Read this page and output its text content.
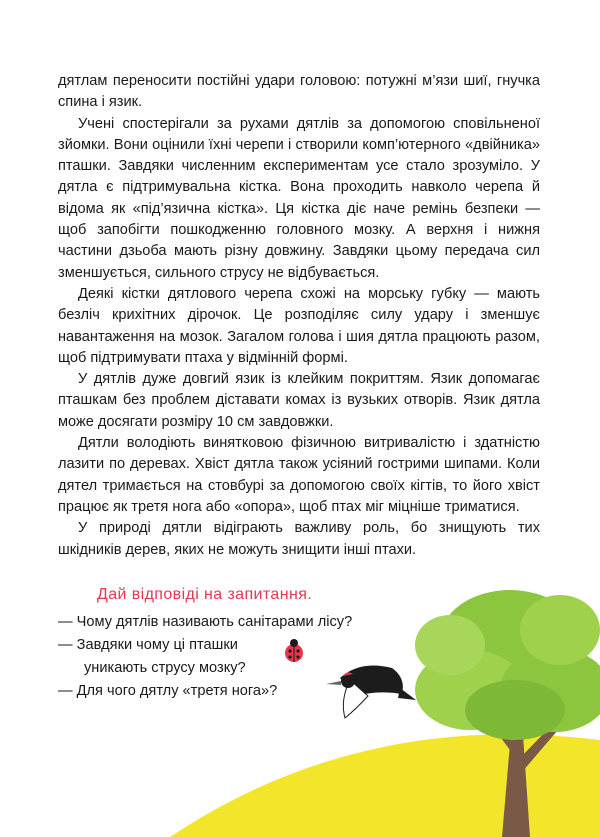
дятлам переносити постійні удари головою: потужні м’язи шиї, гнучка спина і язик.

Учені спостерігали за рухами дятлів за допомогою сповільненої зйомки. Вони оцінили їхні черепи і створили комп’ютерного «двійника» пташки. Завдяки численним експериментам усе стало зрозуміло. У дятла є підтримувальна кістка. Вона проходить навколо черепа й відома як «під’язична кістка». Ця кістка діє наче ремінь безпеки — щоб запобігти пошкодженню головного мозку. А верхня і нижня частини дзьоба мають різну довжину. Завдяки цьому передача сил зменшується, сильного струсу не відбувається.

Деякі кістки дятлового черепа схожі на морську губку — мають безліч крихітних дірочок. Це розподіляє силу удару і зменшує навантаження на мозок. Загалом голова і шия дятла працюють разом, щоб підтримувати птаха у відмінній формі.

У дятлів дуже довгий язик із клейким покриттям. Язик допомагає пташкам без проблем діставати комах із вузьких отворів. Язик дятла може досягати розміру 10 см завдовжки.

Дятли володіють винятковою фізичною витривалістю і здатністю лазити по деревах. Хвіст дятла також усіяний гострими шипами. Коли дятел тримається на стовбурі за допомогою своїх кігтів, то його хвіст працює як третя нога або «опора», щоб птах міг міцніше триматися.

У природі дятли відіграють важливу роль, бо знищують тих шкідників дерев, яких не можуть знищити інші птахи.

Дай відповіді на запитання.
— Чому дятлів називають санітарами лісу?
— Завдяки чому ці пташки
уникають струсу мозку?
— Для чого дятлу «третя нога»?
